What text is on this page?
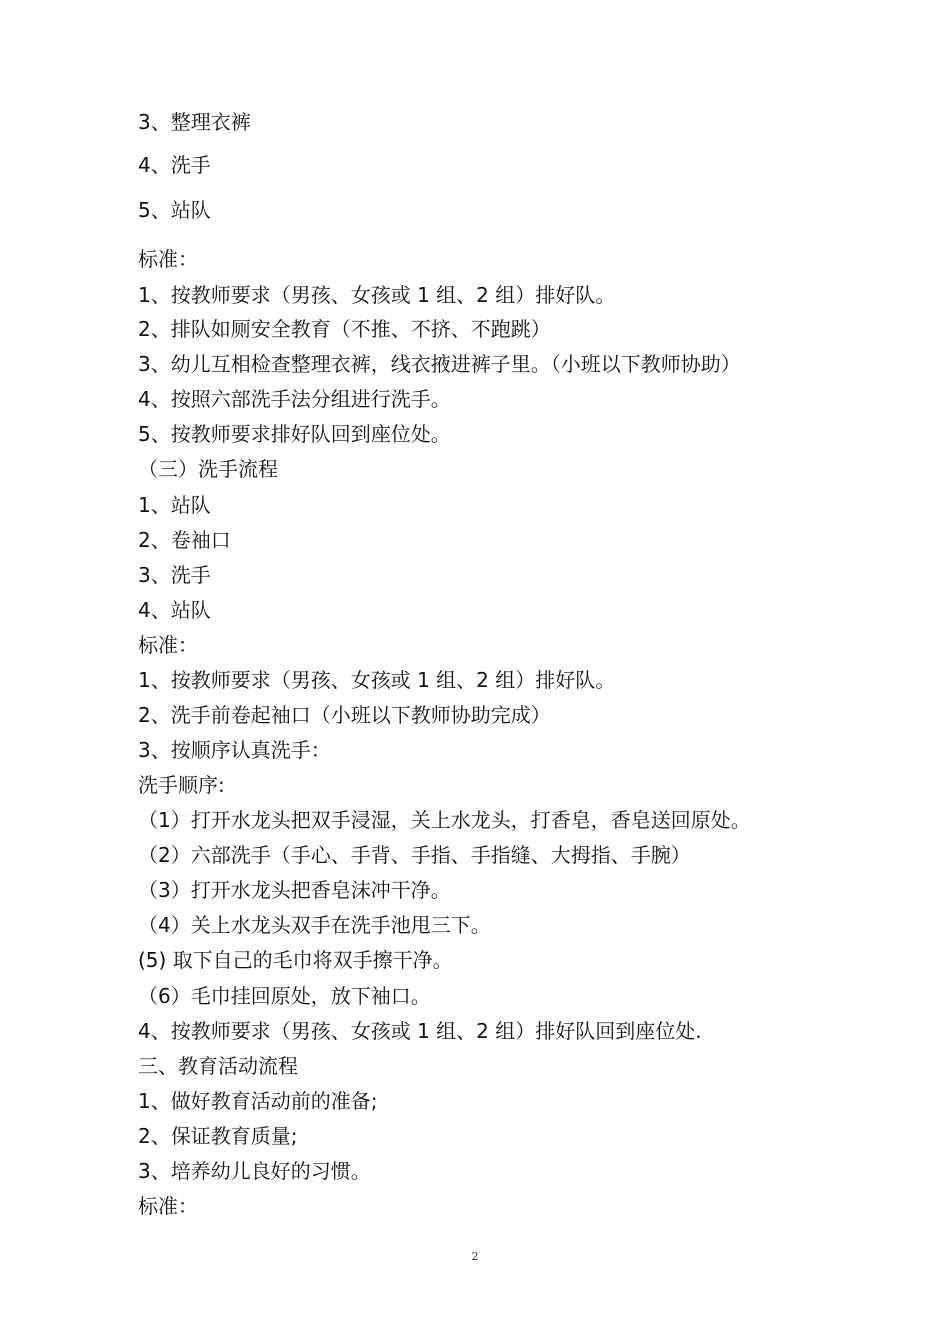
3、整理衣裤
4、洗手
5、站队
标准：
1、按教师要求（男孩、女孩或 1 组、2 组）排好队。
2、排队如厕安全教育（不推、不挤、不跑跳）
3、幼儿互相检查整理衣裤，线衣掖进裤子里。（小班以下教师协助）
4、按照六部洗手法分组进行洗手。
5、按教师要求排好队回到座位处。
（三）洗手流程
1、站队
2、卷袖口
3、洗手
4、站队
标准：
1、按教师要求（男孩、女孩或 1 组、2 组）排好队。
2、洗手前卷起袖口（小班以下教师协助完成）
3、按顺序认真洗手：
洗手顺序:
（1）打开水龙头把双手浸湿，关上水龙头，打香皂，香皂送回原处。
（2）六部洗手（手心、手背、手指、手指缝、大拇指、手腕）
（3）打开水龙头把香皂沫冲干净。
（4）关上水龙头双手在洗手池甩三下。
(5) 取下自己的毛巾将双手擦干净。
（6）毛巾挂回原处，放下袖口。
4、按教师要求（男孩、女孩或 1 组、2 组）排好队回到座位处.
三、教育活动流程
1、做好教育活动前的准备;
2、保证教育质量;
3、培养幼儿良好的习惯。
标准：
2
